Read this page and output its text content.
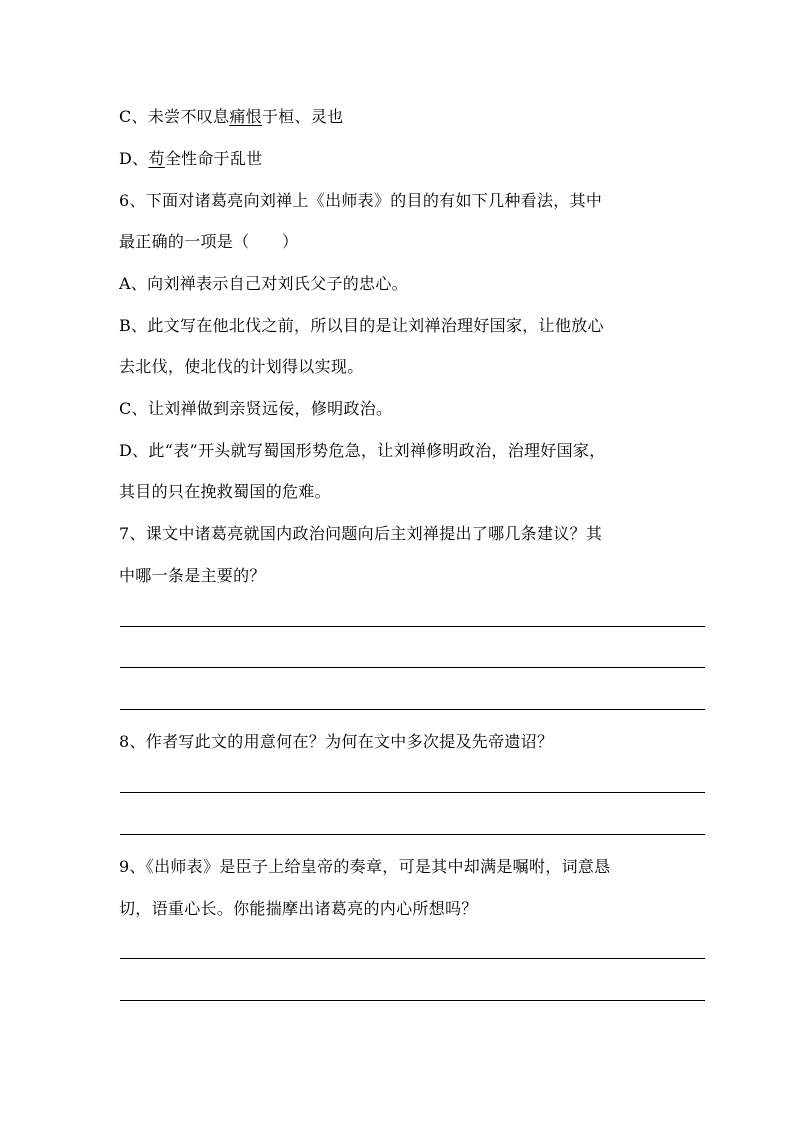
C、未尝不叹息痛恨于桓、灵也
D、苟全性命于乱世
6、下面对诸葛亮向刘禅上《出师表》的目的有如下几种看法，其中
最正确的一项是（　　）
A、向刘禅表示自己对刘氏父子的忠心。
B、此文写在他北伐之前，所以目的是让刘禅治理好国家，让他放心
去北伐，使北伐的计划得以实现。
C、让刘禅做到亲贤远佞，修明政治。
D、此“表”开头就写蜀国形势危急，让刘禅修明政治，治理好国家，
其目的只在挽救蜀国的危难。
7、课文中诸葛亮就国内政治问题向后主刘禅提出了哪几条建议？其
中哪一条是主要的？
8、作者写此文的用意何在？为何在文中多次提及先帝遗诏？
9、《出师表》是臣子上给皇帝的奏章，可是其中却满是嘱咐，词意恳
切，语重心长。你能揣摩出诸葛亮的内心所想吗？
